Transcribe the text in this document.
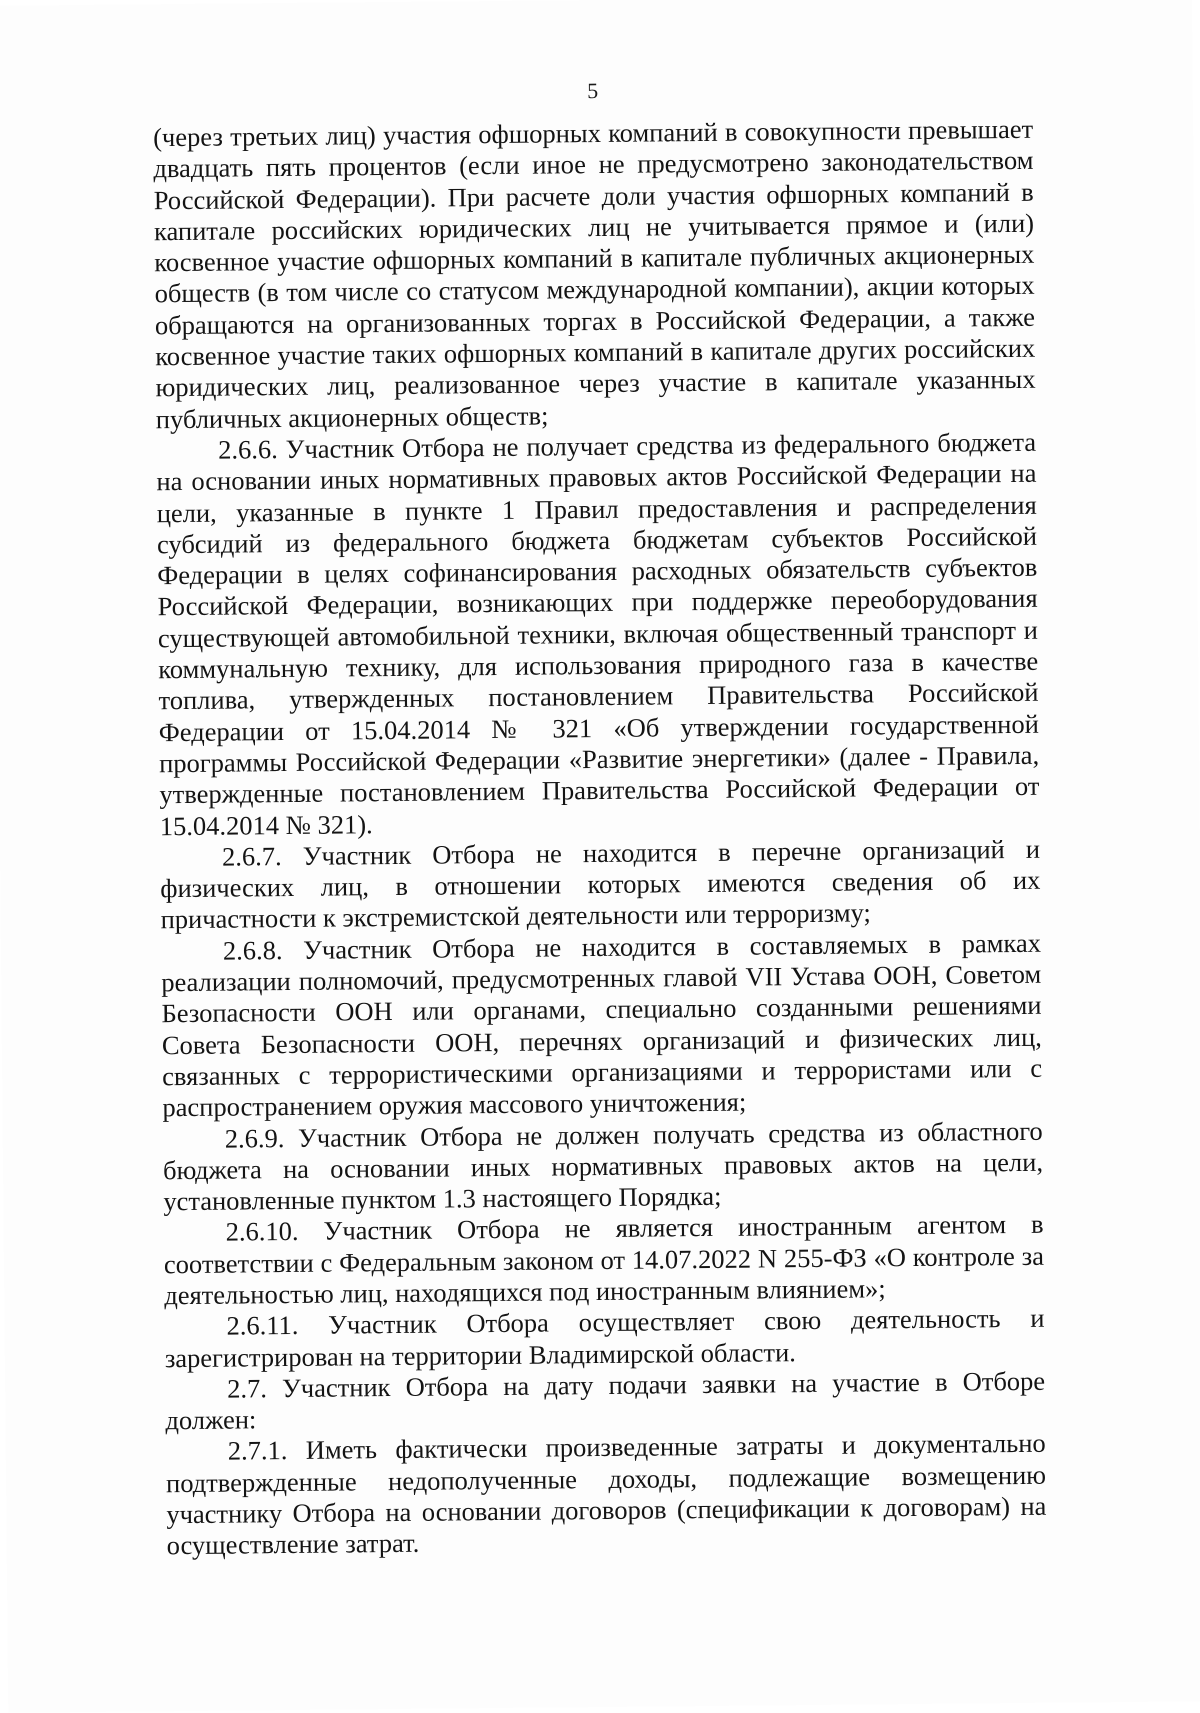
5

(через третьих лиц) участия офшорных компаний в совокупности превышает двадцать пять процентов (если иное не предусмотрено законодательством Российской Федерации). При расчете доли участия офшорных компаний в капитале российских юридических лиц не учитывается прямое и (или) косвенное участие офшорных компаний в капитале публичных акционерных обществ (в том числе со статусом международной компании), акции которых обращаются на организованных торгах в Российской Федерации, а также косвенное участие таких офшорных компаний в капитале других российских юридических лиц, реализованное через участие в капитале указанных публичных акционерных обществ;

2.6.6. Участник Отбора не получает средства из федерального бюджета на основании иных нормативных правовых актов Российской Федерации на цели, указанные в пункте 1 Правил предоставления и распределения субсидий из федерального бюджета бюджетам субъектов Российской Федерации в целях софинансирования расходных обязательств субъектов Российской Федерации, возникающих при поддержке переоборудования существующей автомобильной техники, включая общественный транспорт и коммунальную технику, для использования природного газа в качестве топлива, утвержденных постановлением Правительства Российской Федерации от 15.04.2014 № 321 «Об утверждении государственной программы Российской Федерации «Развитие энергетики» (далее - Правила, утвержденные постановлением Правительства Российской Федерации от 15.04.2014 № 321).

2.6.7. Участник Отбора не находится в перечне организаций и физических лиц, в отношении которых имеются сведения об их причастности к экстремистской деятельности или терроризму;

2.6.8. Участник Отбора не находится в составляемых в рамках реализации полномочий, предусмотренных главой VII Устава ООН, Советом Безопасности ООН или органами, специально созданными решениями Совета Безопасности ООН, перечнях организаций и физических лиц, связанных с террористическими организациями и террористами или с распространением оружия массового уничтожения;

2.6.9. Участник Отбора не должен получать средства из областного бюджета на основании иных нормативных правовых актов на цели, установленные пунктом 1.3 настоящего Порядка;

2.6.10. Участник Отбора не является иностранным агентом в соответствии с Федеральным законом от 14.07.2022 N 255-ФЗ «О контроле за деятельностью лиц, находящихся под иностранным влиянием»;

2.6.11. Участник Отбора осуществляет свою деятельность и зарегистрирован на территории Владимирской области.

2.7. Участник Отбора на дату подачи заявки на участие в Отборе должен:

2.7.1. Иметь фактически произведенные затраты и документально подтвержденные недополученные доходы, подлежащие возмещению участнику Отбора на основании договоров (спецификации к договорам) на осуществление затрат.
